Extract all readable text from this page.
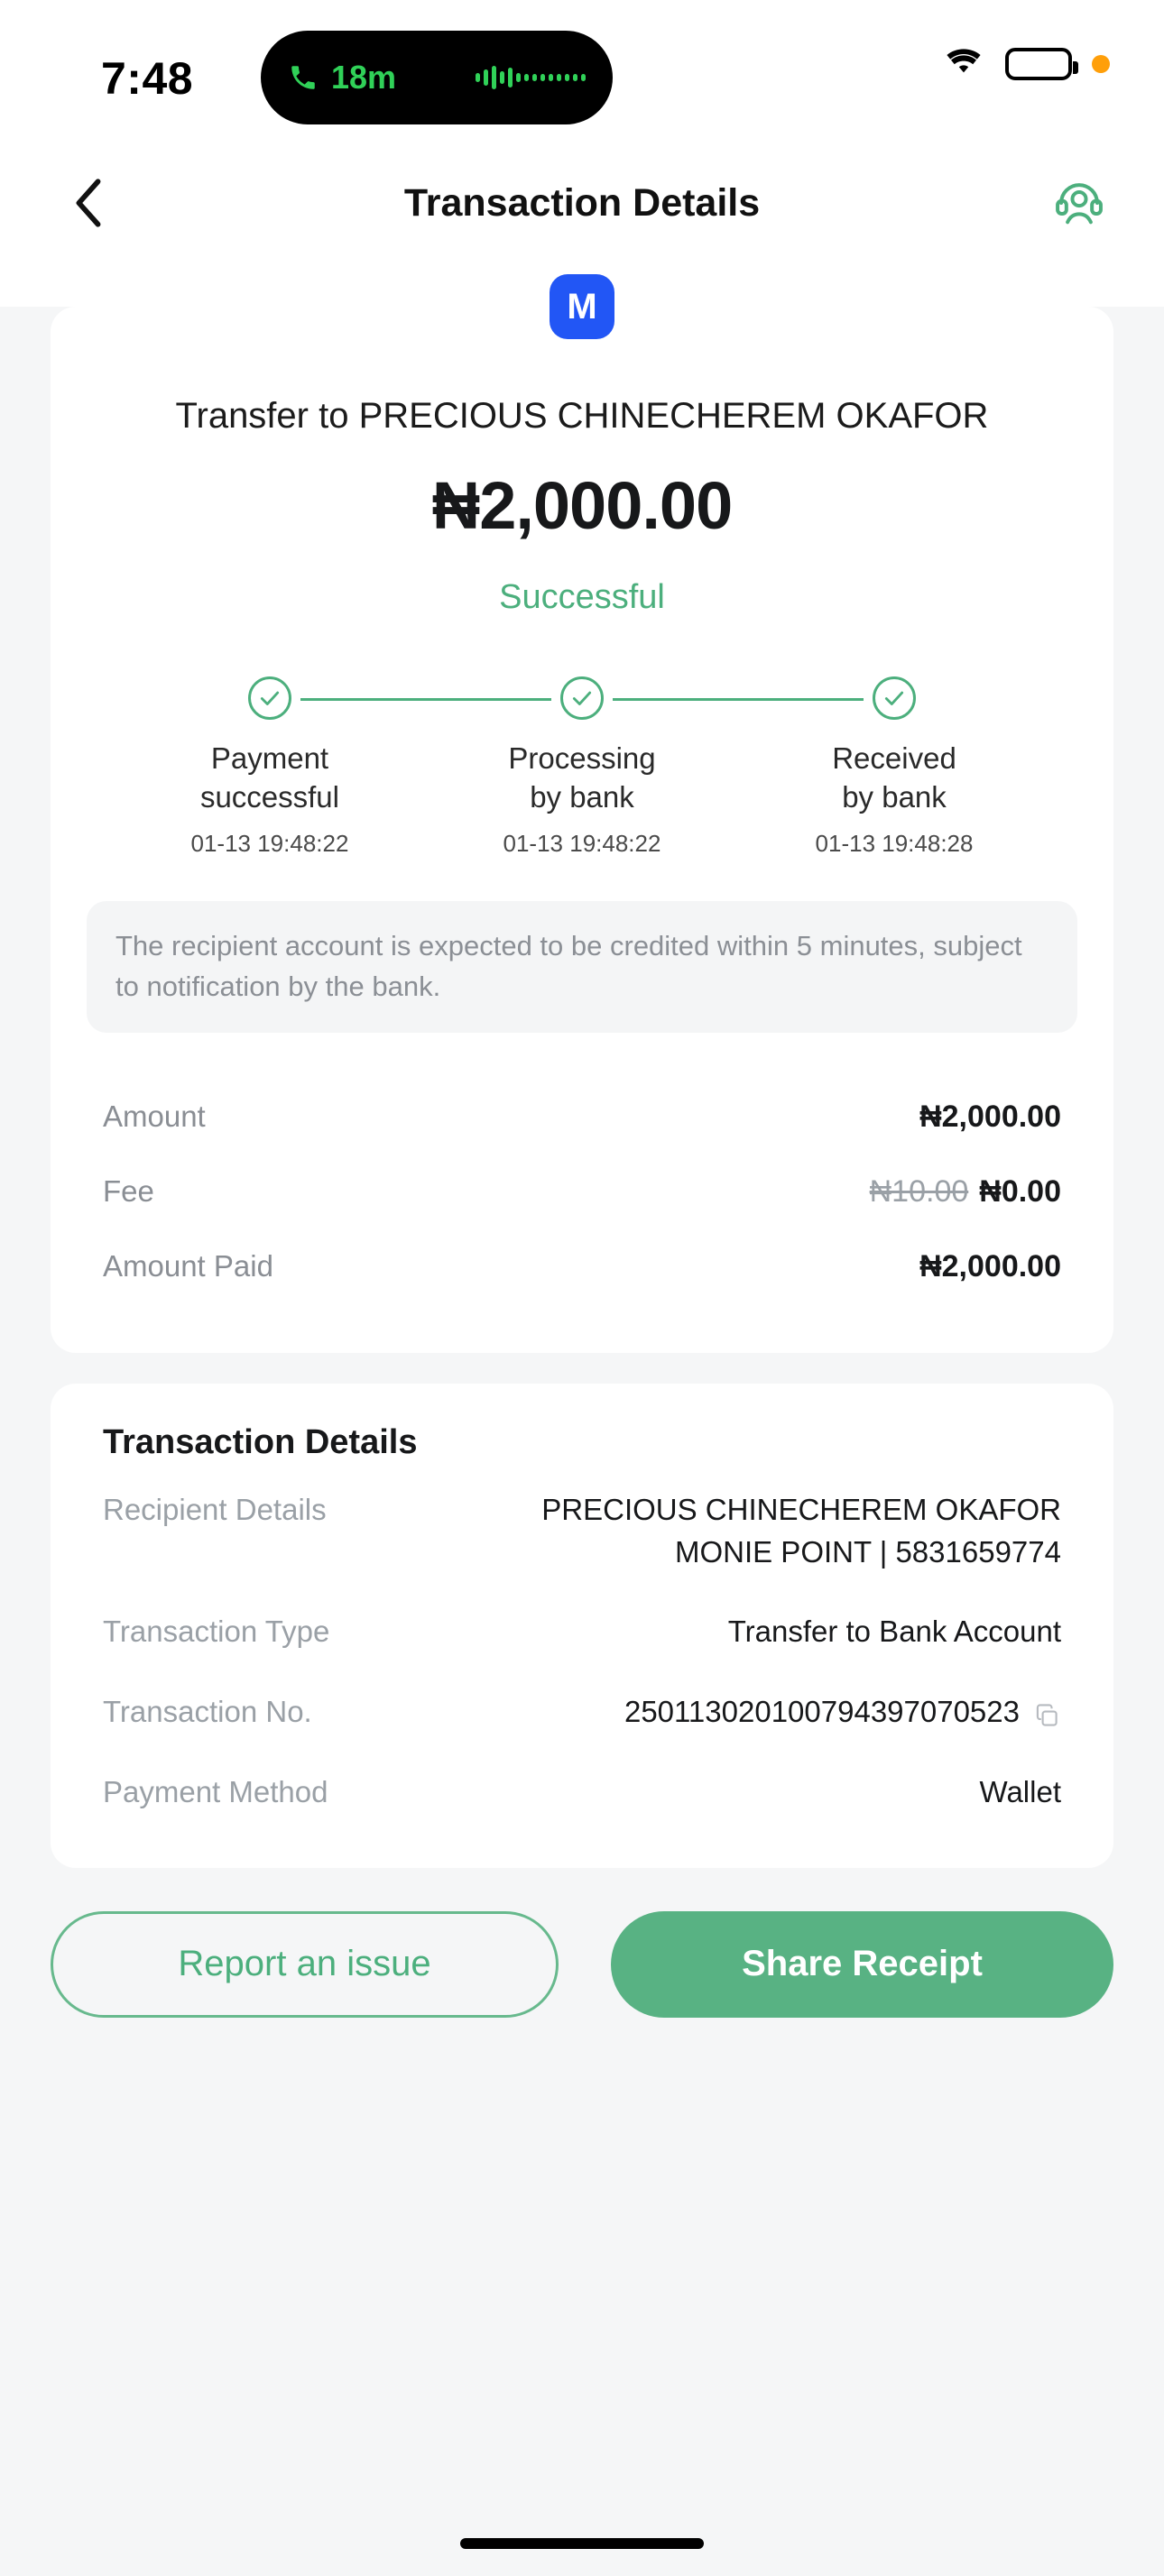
7:48	18m
Transaction Details
M
Transfer to PRECIOUS CHINECHEREM OKAFOR
₦2,000.00
Successful
Payment
successful
01-13 19:48:22
Processing
by bank
01-13 19:48:22
Received
by bank
01-13 19:48:28
The recipient account is expected to be credited within 5 minutes, subject to notification by the bank.
Amount	₦2,000.00
Fee	₦10.00 ₦0.00
Amount Paid	₦2,000.00
Transaction Details
Recipient Details	PRECIOUS CHINECHEREM OKAFOR
MONIE POINT | 5831659774
Transaction Type	Transfer to Bank Account
Transaction No.	250113020100794397070523
Payment Method	Wallet
Report an issue	Share Receipt
